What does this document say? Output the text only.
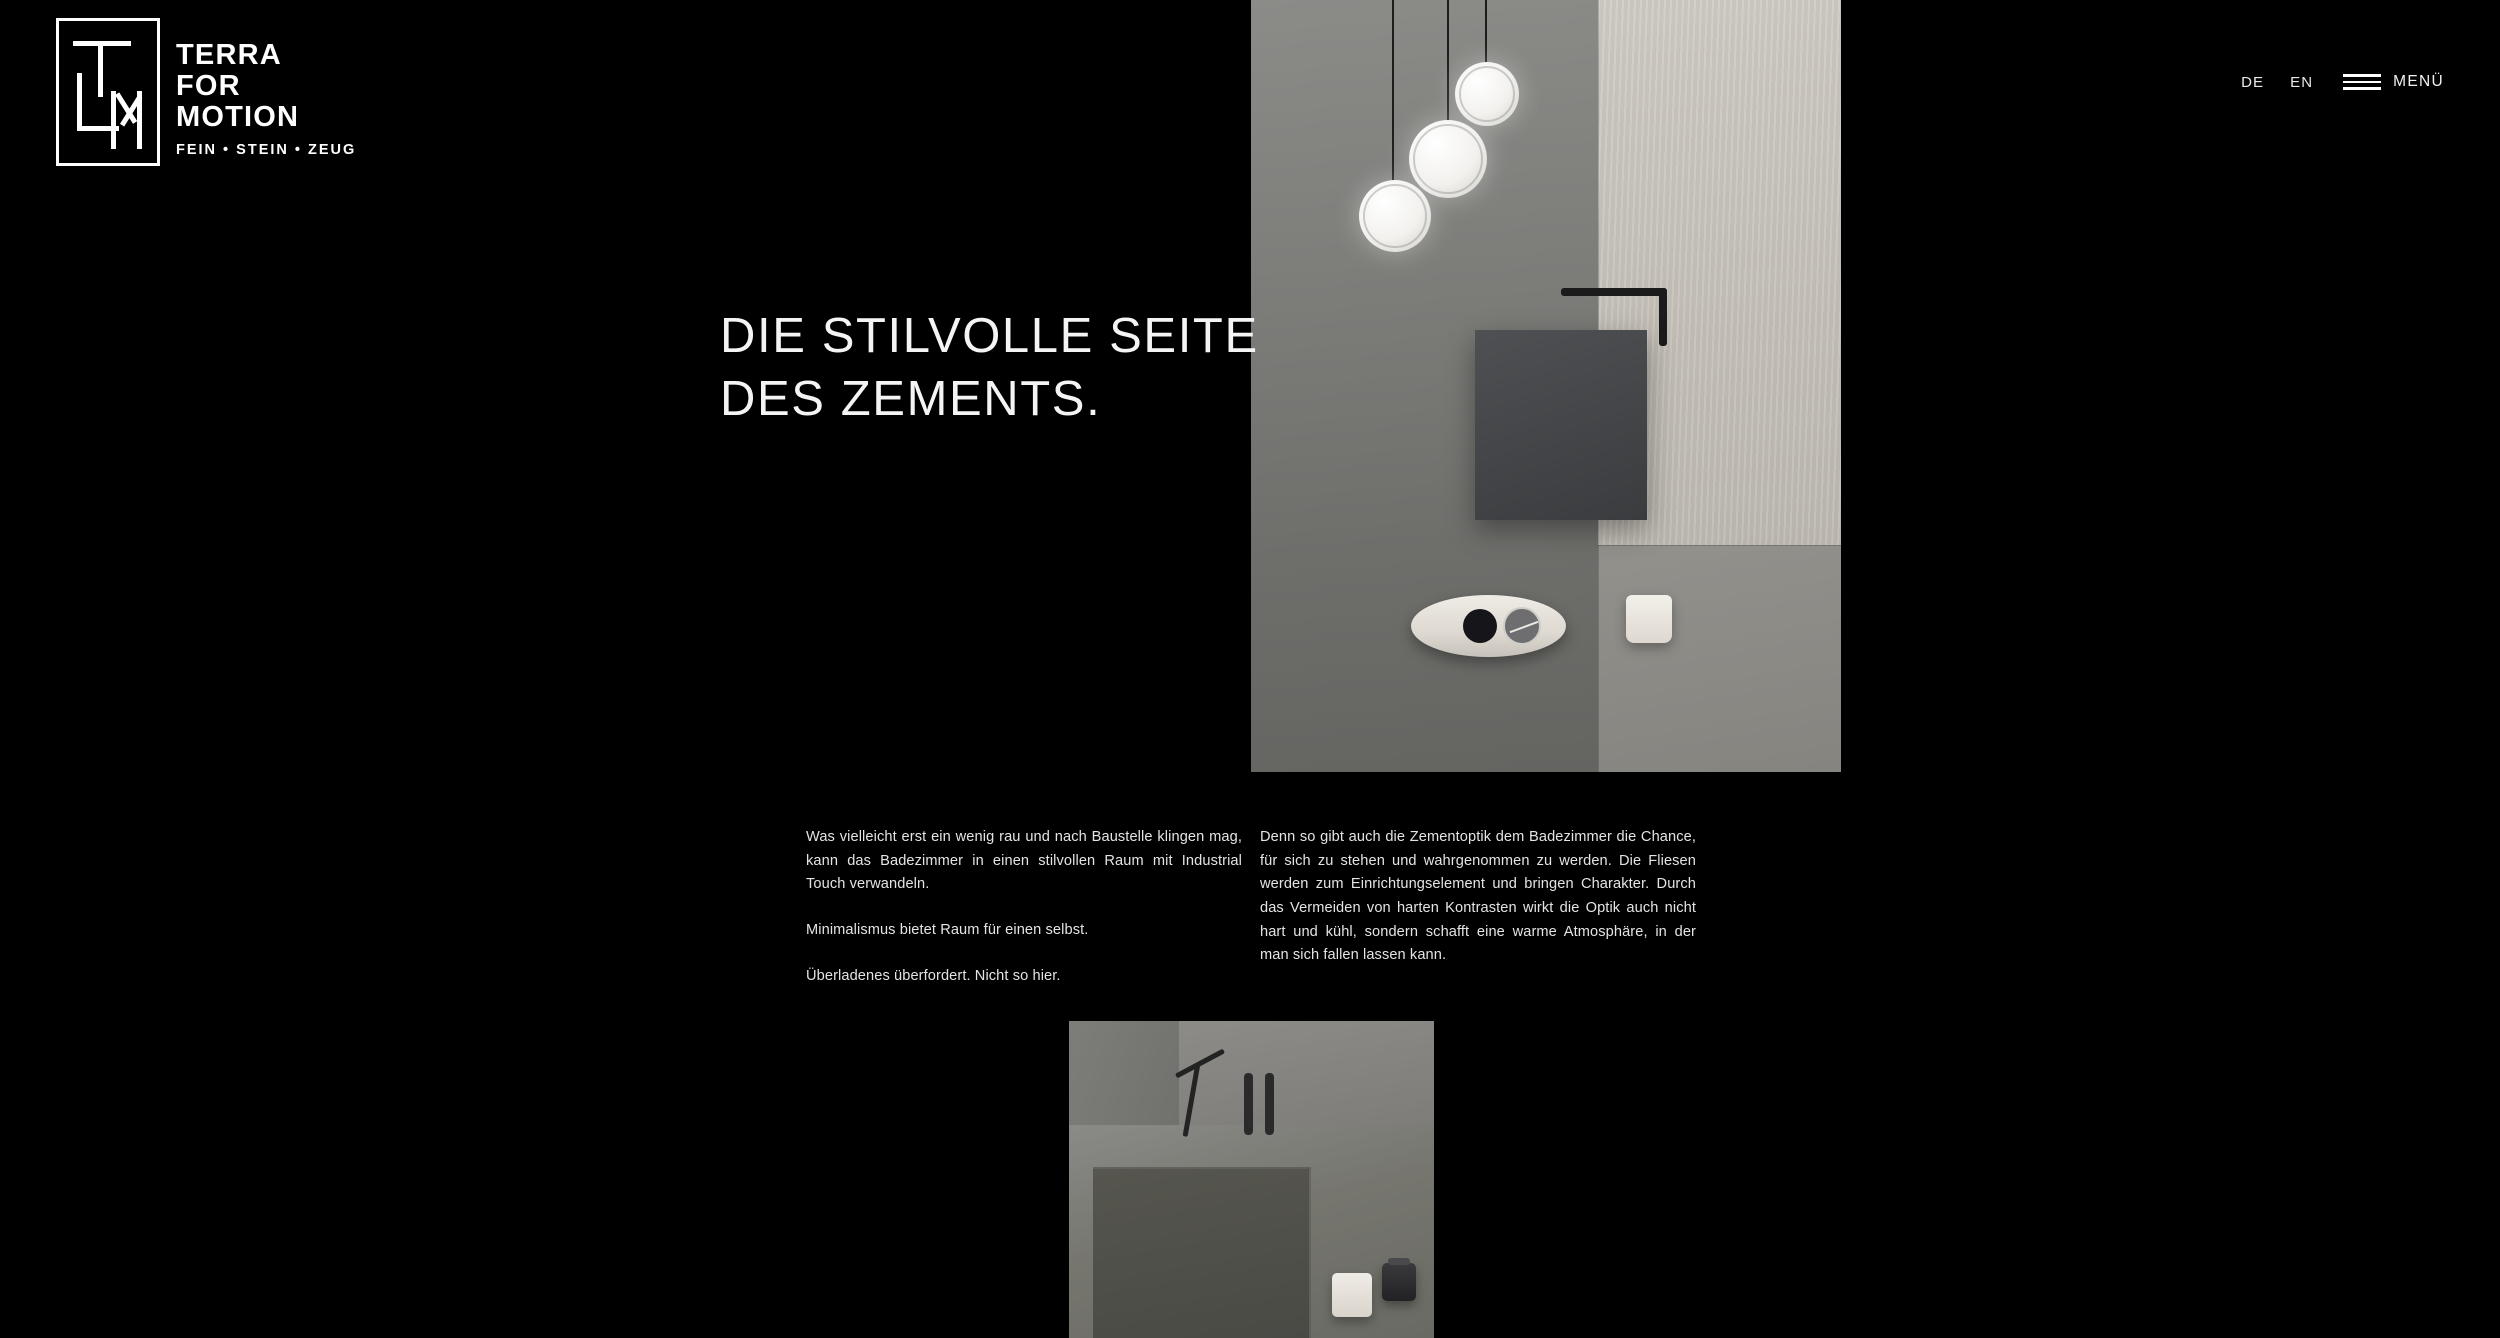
TERRA
FOR
MOTION
FEIN • STEIN • ZEUG
DE EN	MENÜ
DIE STILVOLLE SEITE DES ZEMENTS.

Was vielleicht erst ein wenig rau und nach Baustelle klingen mag, kann das Badezimmer in einen stilvollen Raum mit Industrial Touch verwandeln.

Minimalismus bietet Raum für einen selbst.

Überladenes überfordert. Nicht so hier.

Denn so gibt auch die Zementoptik dem Badezimmer die Chance, für sich zu stehen und wahrgenommen zu werden. Die Fliesen werden zum Einrichtungselement und bringen Charakter. Durch das Vermeiden von harten Kontrasten wirkt die Optik auch nicht hart und kühl, sondern schafft eine warme Atmosphäre, in der man sich fallen lassen kann.
